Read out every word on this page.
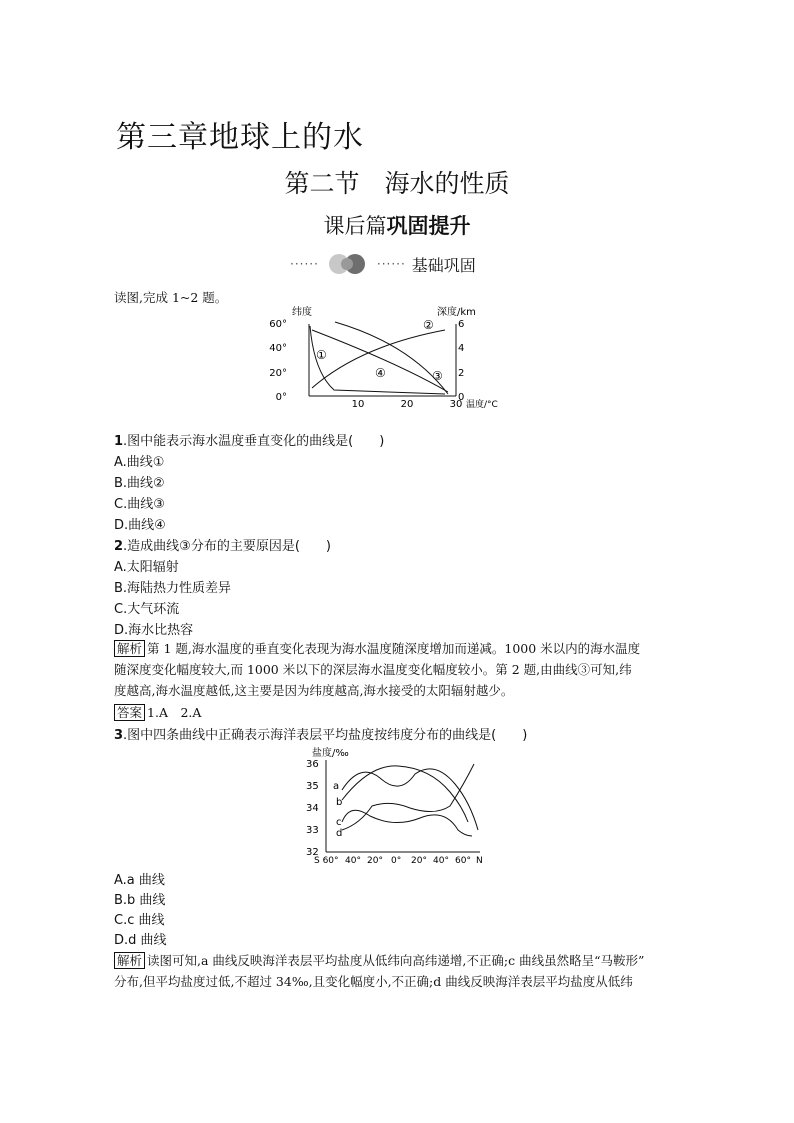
第三章地球上的水
第二节　海水的性质
课后篇巩固提升
······	······ 基础巩固
读图,完成 1~2 题。
纬度	深度/km
60°
40°
20°
0°
6
4
2
0
10	20	30 温度/°C
①
②
③
④
1.图中能表示海水温度垂直变化的曲线是(　　)
A.曲线①
B.曲线②
C.曲线③
D.曲线④
2.造成曲线③分布的主要原因是(　　)
A.太阳辐射
B.海陆热力性质差异
C.大气环流
D.海水比热容
解析 第 1 题,海水温度的垂直变化表现为海水温度随深度增加而递减。1000 米以内的海水温度
随深度变化幅度较大,而 1000 米以下的深层海水温度变化幅度较小。第 2 题,由曲线③可知,纬
度越高,海水温度越低,这主要是因为纬度越高,海水接受的太阳辐射越少。
答案 1.A　2.A
3.图中四条曲线中正确表示海洋表层平均盐度按纬度分布的曲线是(　　)
盐度/‰
36
35
34
33
32
S 60° 40° 20° 0° 20° 40° 60° N
a
b
c
d
A.a 曲线
B.b 曲线
C.c 曲线
D.d 曲线
解析 读图可知,a 曲线反映海洋表层平均盐度从低纬向高纬递增,不正确;c 曲线虽然略呈“马鞍形”
分布,但平均盐度过低,不超过 34‰,且变化幅度小,不正确;d 曲线反映海洋表层平均盐度从低纬
